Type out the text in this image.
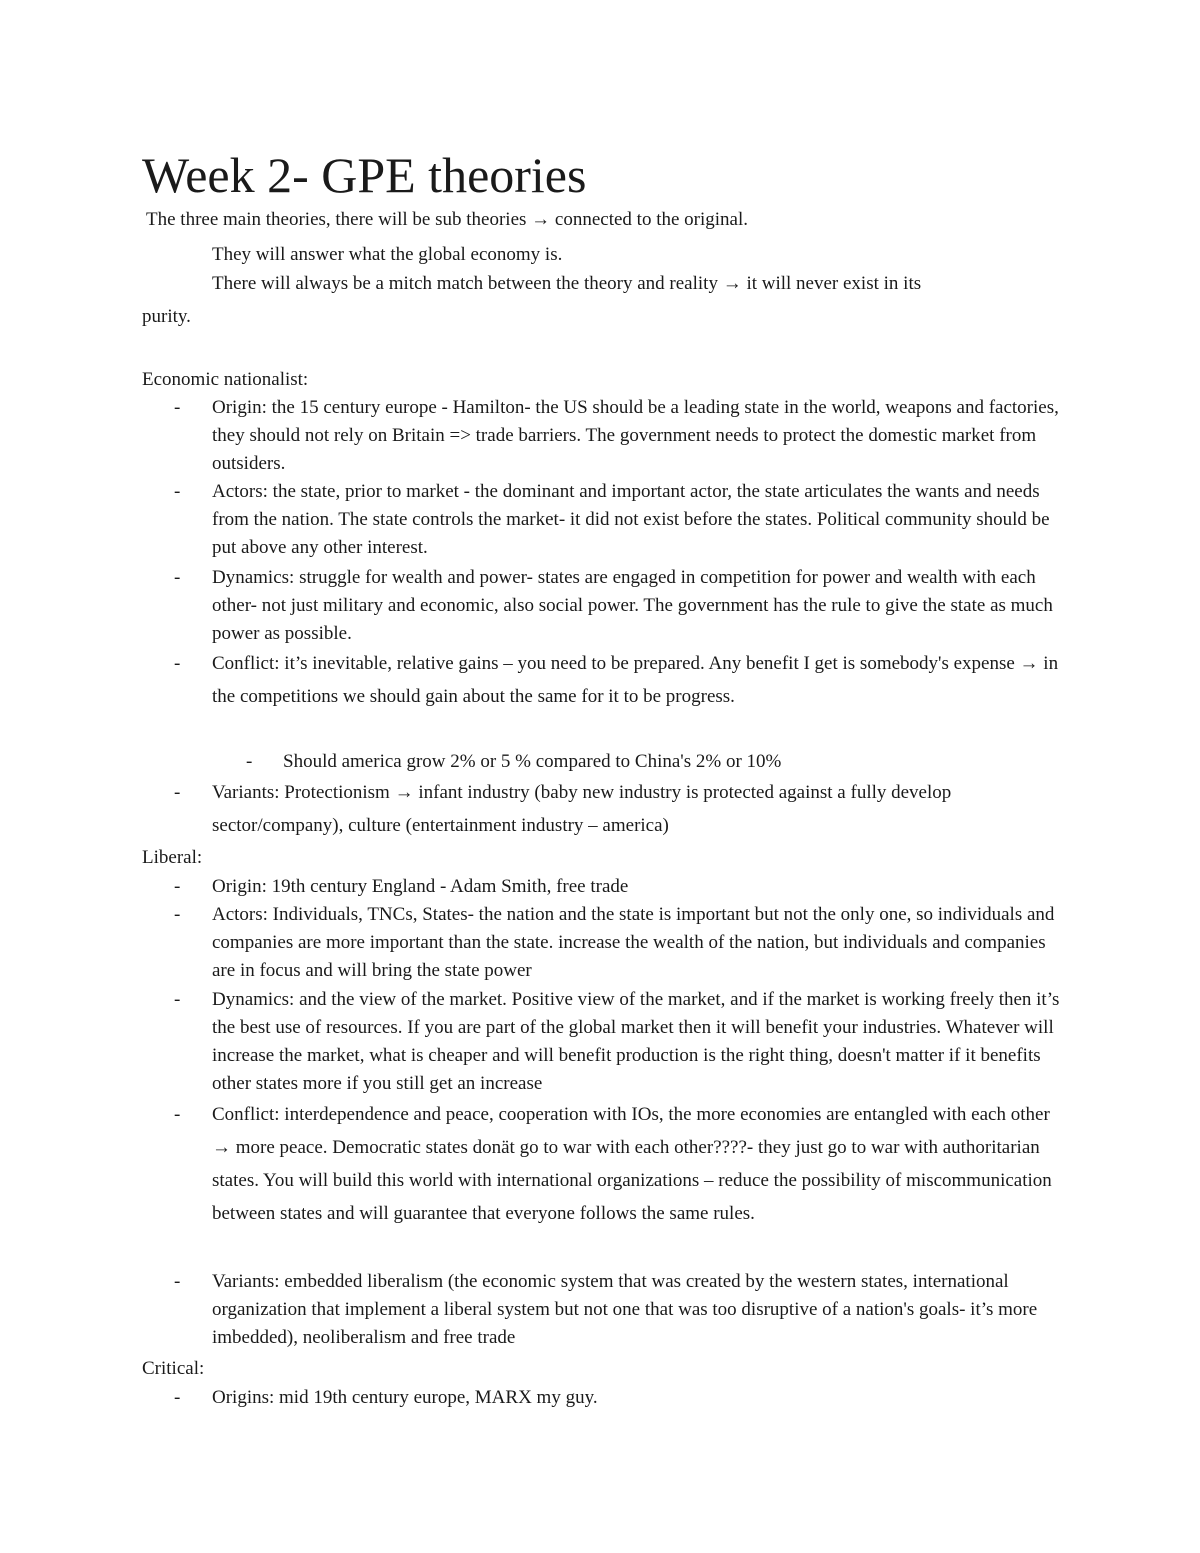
Week 2- GPE theories
The three main theories, there will be sub theories → connected to the original.
They will answer what the global economy is.
There will always be a mitch match between the theory and reality → it will never exist in its
purity.
Economic nationalist:
- Origin: the 15 century europe - Hamilton- the US should be a leading state in the world, weapons and factories, they should not rely on Britain => trade barriers. The government needs to protect the domestic market from outsiders.
- Actors: the state, prior to market - the dominant and important actor, the state articulates the wants and needs from the nation. The state controls the market- it did not exist before the states. Political community should be put above any other interest.
- Dynamics: struggle for wealth and power- states are engaged in competition for power and wealth with each other- not just military and economic, also social power. The government has the rule to give the state as much power as possible.
- Conflict: it’s inevitable, relative gains – you need to be prepared. Any benefit I get is somebody's expense → in the competitions we should gain about the same for it to be progress.
- Should america grow 2% or 5 % compared to China's 2% or 10%
- Variants: Protectionism → infant industry (baby new industry is protected against a fully develop sector/company), culture (entertainment industry – america)
Liberal:
- Origin: 19th century England - Adam Smith, free trade
- Actors: Individuals, TNCs, States- the nation and the state is important but not the only one, so individuals and companies are more important than the state. increase the wealth of the nation, but individuals and companies are in focus and will bring the state power
- Dynamics: and the view of the market. Positive view of the market, and if the market is working freely then it’s the best use of resources. If you are part of the global market then it will benefit your industries. Whatever will increase the market, what is cheaper and will benefit production is the right thing, doesn't matter if it benefits other states more if you still get an increase
- Conflict: interdependence and peace, cooperation with IOs, the more economies are entangled with each other → more peace. Democratic states donät go to war with each other????- they just go to war with authoritarian states. You will build this world with international organizations – reduce the possibility of miscommunication between states and will guarantee that everyone follows the same rules.
- Variants: embedded liberalism (the economic system that was created by the western states, international organization that implement a liberal system but not one that was too disruptive of a nation's goals- it’s more imbedded), neoliberalism and free trade
Critical:
- Origins: mid 19th century europe, MARX my guy.
